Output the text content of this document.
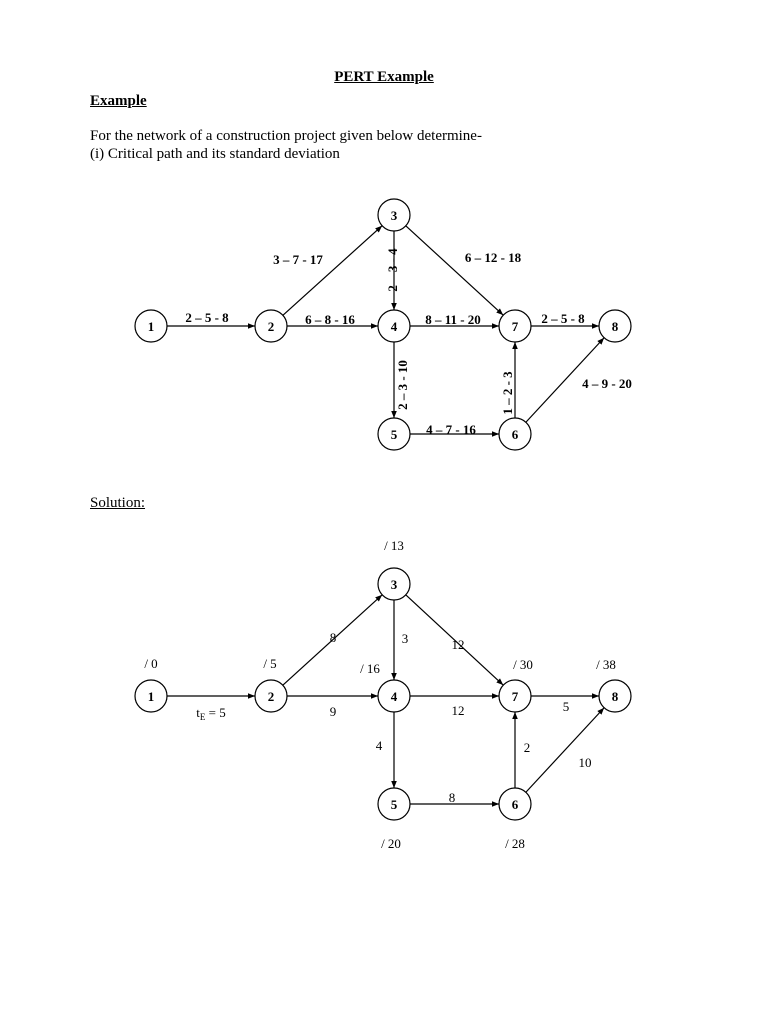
PERT Example
Example
For the network of a construction project given below determine-
(i) Critical path and its standard deviation
Solution:
2 – 5 - 8
3 – 7 - 17
6 – 8 - 16
2 – 3 - 4	6 – 12 - 18
8 – 11 - 20
2 – 3 - 10
4 – 7 - 16
1 – 2 - 3
2 – 5 - 8
4 – 9 - 20
1	2
3
4
5	6
7	8
$t_E = 5$
8
9
3	12
12
4
8
2
5
10
1	2
3
4
5	6
7	8
/ 0	/ 5
/ 13
/ 16
/ 20	/ 28
/ 30	/ 38
